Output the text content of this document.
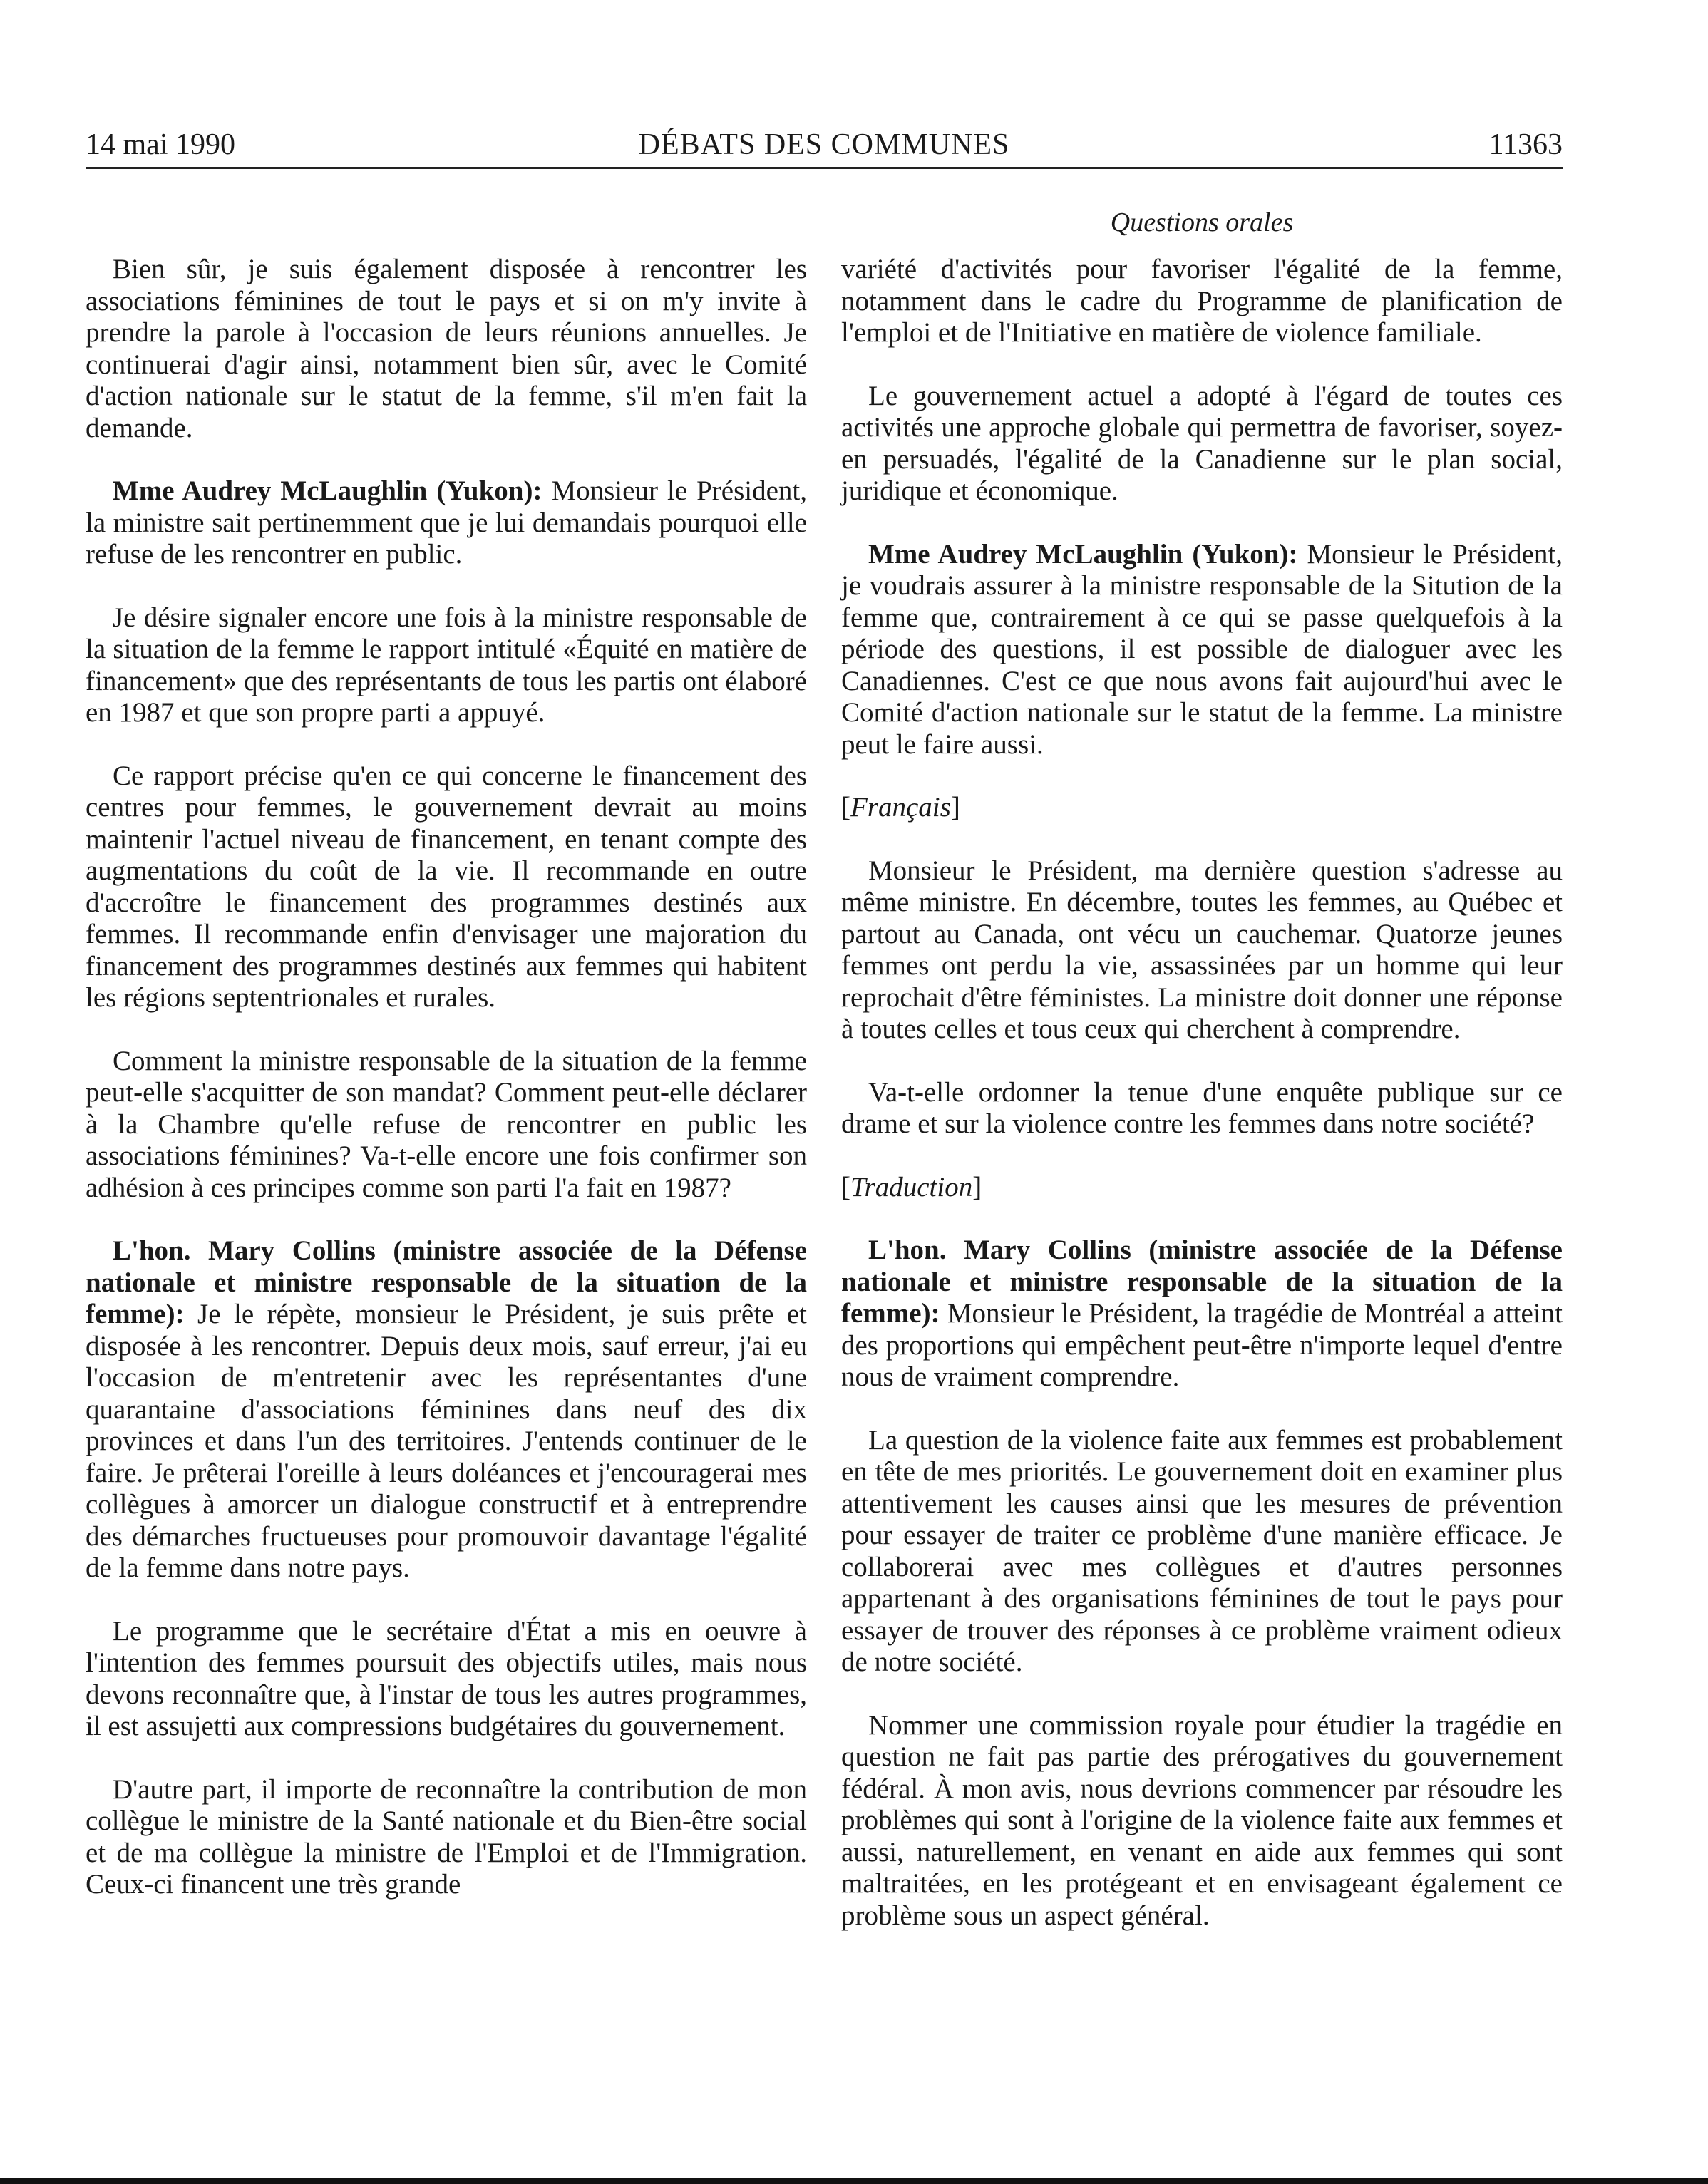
14 mai 1990	DÉBATS DES COMMUNES	11363
Questions orales

Bien sûr, je suis également disposée à rencontrer les associations féminines de tout le pays et si on m'y invite à prendre la parole à l'occasion de leurs réunions annuelles. Je continuerai d'agir ainsi, notamment bien sûr, avec le Comité d'action nationale sur le statut de la femme, s'il m'en fait la demande.

Mme Audrey McLaughlin (Yukon): Monsieur le Président, la ministre sait pertinemment que je lui demandais pourquoi elle refuse de les rencontrer en public.

Je désire signaler encore une fois à la ministre responsable de la situation de la femme le rapport intitulé «Équité en matière de financement» que des représentants de tous les partis ont élaboré en 1987 et que son propre parti a appuyé.

Ce rapport précise qu'en ce qui concerne le financement des centres pour femmes, le gouvernement devrait au moins maintenir l'actuel niveau de financement, en tenant compte des augmentations du coût de la vie. Il recommande en outre d'accroître le financement des programmes destinés aux femmes. Il recommande enfin d'envisager une majoration du financement des programmes destinés aux femmes qui habitent les régions septentrionales et rurales.

Comment la ministre responsable de la situation de la femme peut-elle s'acquitter de son mandat? Comment peut-elle déclarer à la Chambre qu'elle refuse de rencontrer en public les associations féminines? Va-t-elle encore une fois confirmer son adhésion à ces principes comme son parti l'a fait en 1987?

L'hon. Mary Collins (ministre associée de la Défense nationale et ministre responsable de la situation de la femme): Je le répète, monsieur le Président, je suis prête et disposée à les rencontrer. Depuis deux mois, sauf erreur, j'ai eu l'occasion de m'entretenir avec les représentantes d'une quarantaine d'associations féminines dans neuf des dix provinces et dans l'un des territoires. J'entends continuer de le faire. Je prêterai l'oreille à leurs doléances et j'encouragerai mes collègues à amorcer un dialogue constructif et à entreprendre des démarches fructueuses pour promouvoir davantage l'égalité de la femme dans notre pays.

Le programme que le secrétaire d'État a mis en oeuvre à l'intention des femmes poursuit des objectifs utiles, mais nous devons reconnaître que, à l'instar de tous les autres programmes, il est assujetti aux compressions budgétaires du gouvernement.

D'autre part, il importe de reconnaître la contribution de mon collègue le ministre de la Santé nationale et du Bien-être social et de ma collègue la ministre de l'Emploi et de l'Immigration. Ceux-ci financent une très grande

variété d'activités pour favoriser l'égalité de la femme, notamment dans le cadre du Programme de planification de l'emploi et de l'Initiative en matière de violence familiale.

Le gouvernement actuel a adopté à l'égard de toutes ces activités une approche globale qui permettra de favoriser, soyez-en persuadés, l'égalité de la Canadienne sur le plan social, juridique et économique.

Mme Audrey McLaughlin (Yukon): Monsieur le Président, je voudrais assurer à la ministre responsable de la Situtіon de la femme que, contrairement à ce qui se passe quelquefois à la période des questions, il est possible de dialoguer avec les Canadiennes. C'est ce que nous avons fait aujourd'hui avec le Comité d'action nationale sur le statut de la femme. La ministre peut le faire aussi.

[Français]

Monsieur le Président, ma dernière question s'adresse au même ministre. En décembre, toutes les femmes, au Québec et partout au Canada, ont vécu un cauchemar. Quatorze jeunes femmes ont perdu la vie, assassinées par un homme qui leur reprochait d'être féministes. La ministre doit donner une réponse à toutes celles et tous ceux qui cherchent à comprendre.

Va-t-elle ordonner la tenue d'une enquête publique sur ce drame et sur la violence contre les femmes dans notre société?

[Traduction]

L'hon. Mary Collins (ministre associée de la Défense nationale et ministre responsable de la situation de la femme): Monsieur le Président, la tragédie de Montréal a atteint des proportions qui empêchent peut-être n'importe lequel d'entre nous de vraiment comprendre.

La question de la violence faite aux femmes est probablement en tête de mes priorités. Le gouvernement doit en examiner plus attentivement les causes ainsi que les mesures de prévention pour essayer de traiter ce problème d'une manière efficace. Je collaborerai avec mes collègues et d'autres personnes appartenant à des organisations féminines de tout le pays pour essayer de trouver des réponses à ce problème vraiment odieux de notre société.

Nommer une commission royale pour étudier la tragédie en question ne fait pas partie des prérogatives du gouvernement fédéral. À mon avis, nous devrions commencer par résoudre les problèmes qui sont à l'origine de la violence faite aux femmes et aussi, naturellement, en venant en aide aux femmes qui sont maltraitées, en les protégeant et en envisageant également ce problème sous un aspect général.
